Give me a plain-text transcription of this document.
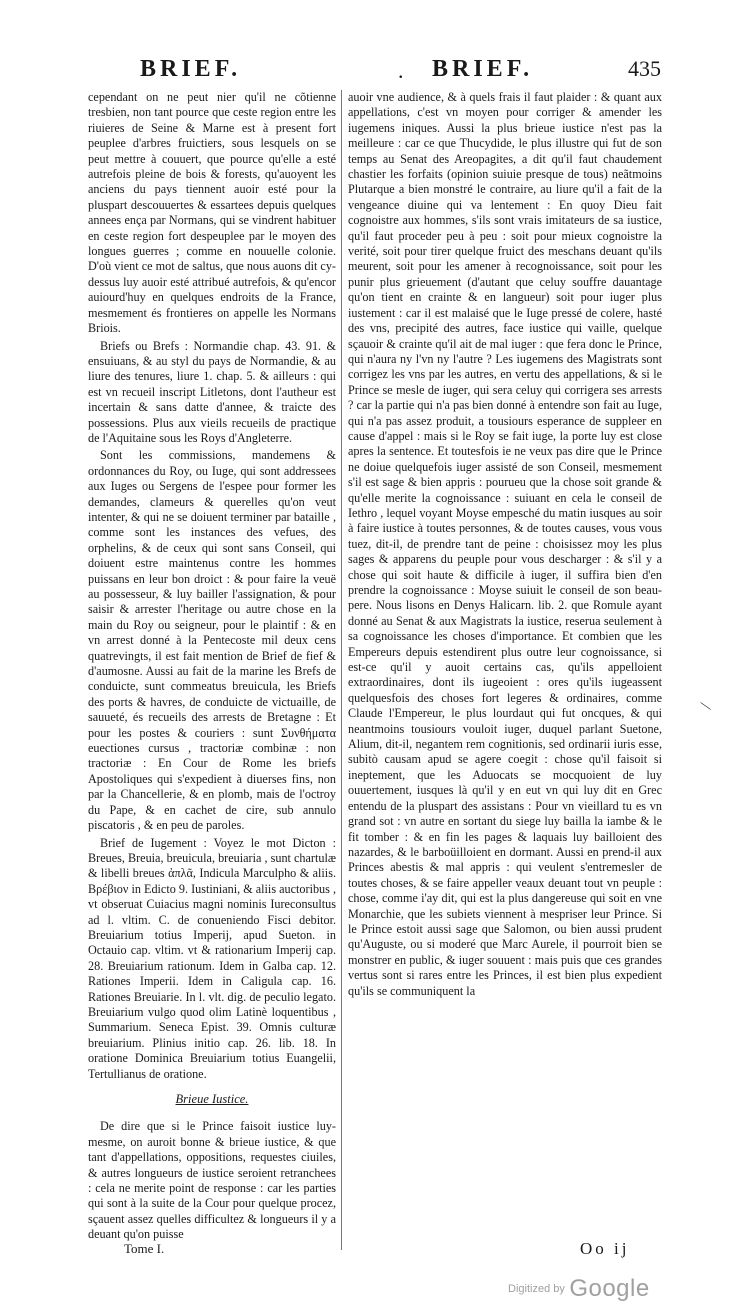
BRIEF.	. BRIEF.	435

cependant on ne peut nier qu'il ne cõtienne tresbien, non tant pource que ceste region entre les riuieres de Seine & Marne est à present fort peuplee d'arbres fruictiers, sous lesquels on se peut mettre à couuert, que pource qu'elle a esté autrefois pleine de bois & forests, qu'auoyent les anciens du pays tiennent auoir esté pour la pluspart descouuertes & essartees depuis quelques annees ença par Normans, qui se vindrent habituer en ceste region fort despeuplee par le moyen des longues guerres ; comme en nouuelle colonie. D'où vient ce mot de saltus, que nous auons dit cy-dessus luy auoir esté attribué autrefois, & qu'encor auiourd'huy en quelques endroits de la France, mesmement és frontieres on appelle les Normans Briois.

Briefs ou Brefs : Normandie chap. 43. 91. & ensuiuans, & au styl du pays de Normandie, & au liure des tenures, liure 1. chap. 5. & ailleurs : qui est vn recueil inscript Litletons, dont l'autheur est incertain & sans datte d'annee, & traicte des possessions. Plus aux vieils recueils de practique de l'Aquitaine sous les Roys d'Angleterre.

Sont les commissions, mandemens & ordonnances du Roy, ou Iuge, qui sont addressees aux Iuges ou Sergens de l'espee pour former les demandes, clameurs & querelles qu'on veut intenter, & qui ne se doiuent terminer par bataille , comme sont les instances des vefues, des orphelins, & de ceux qui sont sans Conseil, qui doiuent estre maintenus contre les hommes puissans en leur bon droict : & pour faire la veuë au possesseur, & luy bailler l'assignation, & pour saisir & arrester l'heritage ou autre chose en la main du Roy ou seigneur, pour le plaintif : & en vn arrest donné à la Pentecoste mil deux cens quatrevingts, il est fait mention de Brief de fief & d'aumosne. Aussi au fait de la marine les Brefs de conduicte, sunt commeatus breuicula, les Briefs des ports & havres, de conduicte de victuaille, de sauueté, és recueils des arrests de Bretagne : Et pour les postes & couriers : sunt Συνθήματα euectiones cursus , tractoriæ combinæ : non tractoriæ : En Cour de Rome les briefs Apostoliques qui s'expedient à diuerses fins, non par la Chancellerie, & en plomb, mais de l'octroy du Pape, & en cachet de cire, sub annulo piscatoris , & en peu de paroles.

Brief de Iugement : Voyez le mot Dicton : Breues, Breuia, breuicula, breuiaria , sunt chartulæ & libelli breues ἀπλᾶ, Indicula Marculpho & aliis. Βρέβιον in Edicto 9. Iustiniani, & aliis auctoribus , vt obseruat Cuiacius magni nominis Iureconsultus ad l. vltim. C. de conueniendo Fisci debitor. Breuiarium totius Imperij, apud Sueton. in Octauio cap. vltim. vt & rationarium Imperij cap. 28. Breuiarium rationum. Idem in Galba cap. 12. Rationes Imperii. Idem in Caligula cap. 16. Rationes Breuiarie. In l. vlt. dig. de peculio legato. Breuiarium vulgo quod olim Latinè loquentibus , Summarium. Seneca Epist. 39. Omnis culturæ breuiarium. Plinius initio cap. 26. lib. 18. In oratione Dominica Breuiarium totius Euangelii, Tertullianus de oratione.

Brieue Iustice.

De dire que si le Prince faisoit iustice luy-mesme, on auroit bonne & brieue iustice, & que tant d'appellations, oppositions, requestes ciuiles, & autres longueurs de iustice seroient retranchees : cela ne merite point de response : car les parties qui sont à la suite de la Cour pour quelque procez, sçauent assez quelles difficultez & longueurs il y a deuant qu'on puisse

auoir vne audience, & à quels frais il faut plaider : & quant aux appellations, c'est vn moyen pour corriger & amender les iugemens iniques. Aussi la plus brieue iustice n'est pas la meilleure : car ce que Thucydide, le plus illustre qui fut de son temps au Senat des Areopagites, a dit qu'il faut chaudement chastier les forfaits (opinion suiuie presque de tous) neãtmoins Plutarque a bien monstré le contraire, au liure qu'il a fait de la vengeance diuine qui va lentement : En quoy Dieu fait cognoistre aux hommes, s'ils sont vrais imitateurs de sa iustice, qu'il faut proceder peu à peu : soit pour mieux cognoistre la verité, soit pour tirer quelque fruict des meschans deuant qu'ils meurent, soit pour les amener à recognoissance, soit pour les punir plus grieuement (d'autant que celuy souffre dauantage qu'on tient en crainte & en langueur) soit pour iuger plus iustement : car il est malaisé que le Iuge pressé de colere, hasté des vns, precipité des autres, face iustice qui vaille, quelque sçauoir & crainte qu'il ait de mal iuger : que fera donc le Prince, qui n'aura ny l'vn ny l'autre ? Les iugemens des Magistrats sont corrigez les vns par les autres, en vertu des appellations, & si le Prince se mesle de iuger, qui sera celuy qui corrigera ses arrests ? car la partie qui n'a pas bien donné à entendre son fait au Iuge, qui n'a pas assez produit, a tousiours esperance de suppleer en cause d'appel : mais si le Roy se fait iuge, la porte luy est close apres la sentence. Et toutesfois ie ne veux pas dire que le Prince ne doiue quelquefois iuger assisté de son Conseil, mesmement s'il est sage & bien appris : pourueu que la chose soit grande & qu'elle merite la cognoissance : suiuant en cela le conseil de Iethro , lequel voyant Moyse empesché du matin iusques au soir à faire iustice à toutes personnes, & de toutes causes, vous vous tuez, dit-il, de prendre tant de peine : choisissez moy les plus sages & apparens du peuple pour vous descharger : & s'il y a chose qui soit haute & difficile à iuger, il suffira bien d'en prendre la cognoissance : Moyse suiuit le conseil de son beau-pere. Nous lisons en Denys Halicarn. lib. 2. que Romule ayant donné au Senat & aux Magistrats la iustice, reserua seulement à sa cognoissance les choses d'importance. Et combien que les Empereurs depuis estendirent plus outre leur cognoissance, si est-ce qu'il y auoit certains cas, qu'ils appelloient extraordinaires, dont ils iugeoient : ores qu'ils iugeassent quelquesfois des choses fort legeres & ordinaires, comme Claude l'Empereur, le plus lourdaut qui fut oncques, & qui neantmoins tousiours vouloit iuger, duquel parlant Suetone, Alium, dit-il, negantem rem cognitionis, sed ordinarii iuris esse, subitò causam apud se agere coegit : chose qu'il faisoit si ineptement, que les Aduocats se mocquoient de luy ouuertement, iusques là qu'il y en eut vn qui luy dit en Grec entendu de la pluspart des assistans : Pour vn vieillard tu es vn grand sot : vn autre en sortant du siege luy bailla la iambe & le fit tomber : & en fin les pages & laquais luy bailloient des nazardes, & le barboüilloient en dormant. Aussi en prend-il aux Princes abestis & mal appris : qui veulent s'entremesler de toutes choses, & se faire appeller veaux deuant tout vn peuple : chose, comme i'ay dit, qui est la plus dangereuse qui soit en vne Monarchie, que les subiets viennent à mespriser leur Prince. Si le Prince estoit aussi sage que Salomon, ou bien aussi prudent qu'Auguste, ou si moderé que Marc Aurele, il pourroit bien se monstrer en public, & iuger souuent : mais puis que ces grandes vertus sont si rares entre les Princes, il est bien plus expedient qu'ils se communiquent la

Tome I.	Oo ij
—
Digitized by Google
